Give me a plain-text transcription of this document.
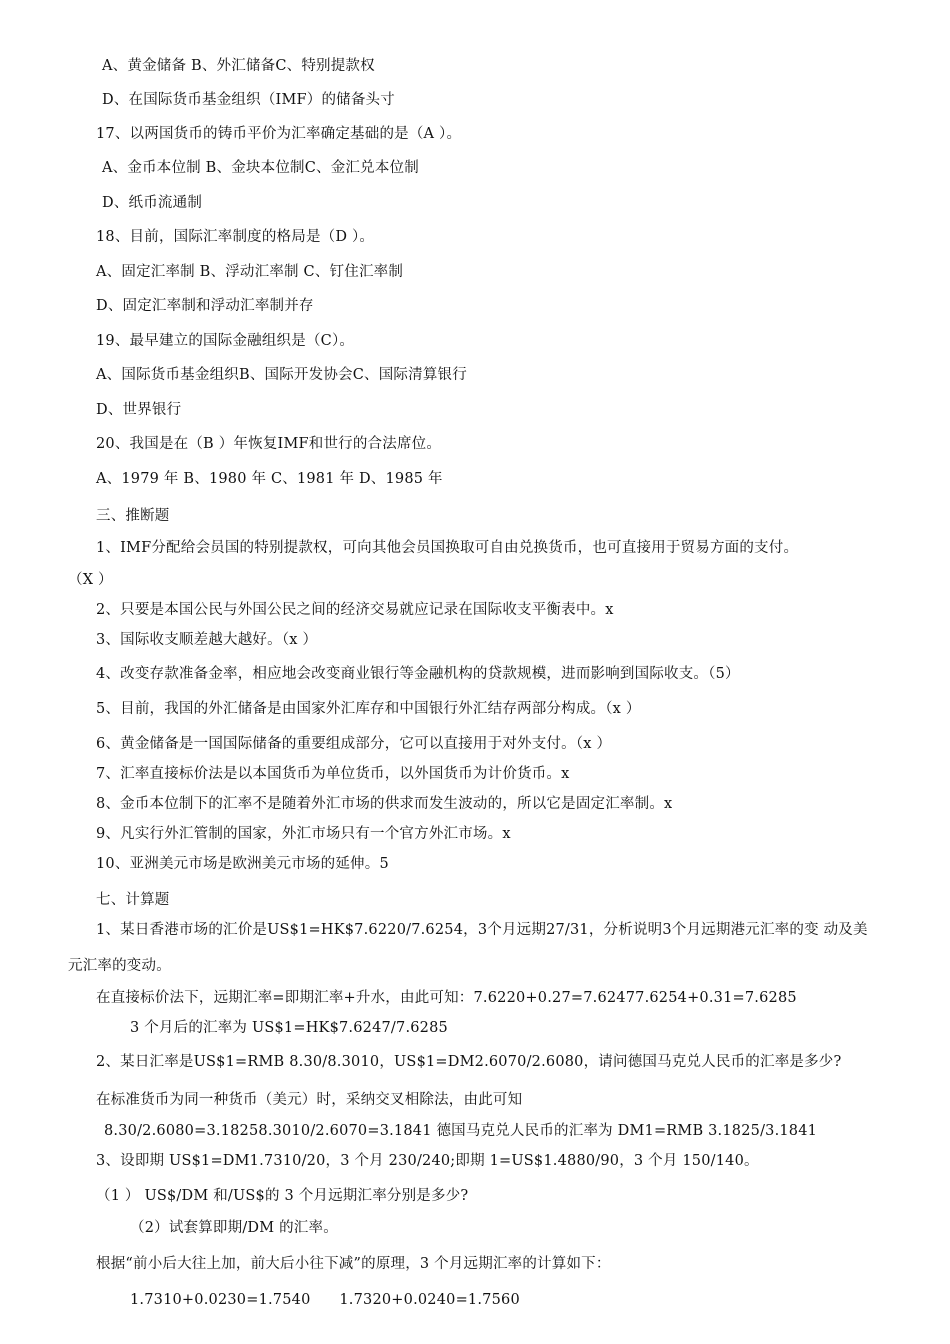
A、黄金储备 B、外汇储备C、特别提款权
D、在国际货币基金组织（IMF）的储备头寸
17、以两国货币的铸币平价为汇率确定基础的是（A ）。
A、金币本位制 B、金块本位制C、金汇兑本位制
D、纸币流通制
18、目前，国际汇率制度的格局是（D ）。
A、固定汇率制 B、浮动汇率制 C、钉住汇率制
D、固定汇率制和浮动汇率制并存
19、最早建立的国际金融组织是（C）。
A、国际货币基金组织B、国际开发协会C、国际清算银行
D、世界银行
20、我国是在（B ）年恢复IMF和世行的合法席位。
A、1979 年 B、1980 年 C、1981 年 D、1985 年
三、推断题
1、IMF分配给会员国的特别提款权，可向其他会员国换取可自由兑换货币，也可直接用于贸易方面的支付。
（X ）
2、只要是本国公民与外国公民之间的经济交易就应记录在国际收支平衡表中。x
3、国际收支顺差越大越好。（x ）
4、改变存款准备金率，相应地会改变商业银行等金融机构的贷款规模，进而影响到国际收支。（5）
5、目前，我国的外汇储备是由国家外汇库存和中国银行外汇结存两部分构成。（x ）
6、黄金储备是一国国际储备的重要组成部分，它可以直接用于对外支付。（x ）
7、汇率直接标价法是以本国货币为单位货币，以外国货币为计价货币。x
8、金币本位制下的汇率不是随着外汇市场的供求而发生波动的，所以它是固定汇率制。x
9、凡实行外汇管制的国家，外汇市场只有一个官方外汇市场。x
10、亚洲美元市场是欧洲美元市场的延伸。5
七、计算题
1、某日香港市场的汇价是US$1=HK$7.6220/7.6254，3个月远期27/31，分析说明3个月远期港元汇率的变 动及美
元汇率的变动。
在直接标价法下，远期汇率=即期汇率+升水，由此可知：7.6220+0.27=7.62477.6254+0.31=7.6285
3 个月后的汇率为 US$1=HK$7.6247/7.6285
2、某日汇率是US$1=RMB 8.30/8.3010，US$1=DM2.6070/2.6080，请问德国马克兑人民币的汇率是多少?
在标准货币为同一种货币（美元）时，采纳交叉相除法，由此可知
8.30/2.6080=3.18258.3010/2.6070=3.1841 德国马克兑人民币的汇率为 DM1=RMB 3.1825/3.1841
3、设即期 US$1=DM1.7310/20，3 个月 230/240;即期 1=US$1.4880/90，3 个月 150/140。
（1 ） US$/DM 和/US$的 3 个月远期汇率分别是多少?
（2）试套算即期/DM 的汇率。
根据“前小后大往上加，前大后小往下减”的原理，3 个月远期汇率的计算如下：
1.7310+0.0230=1.7540      1.7320+0.0240=1.7560
